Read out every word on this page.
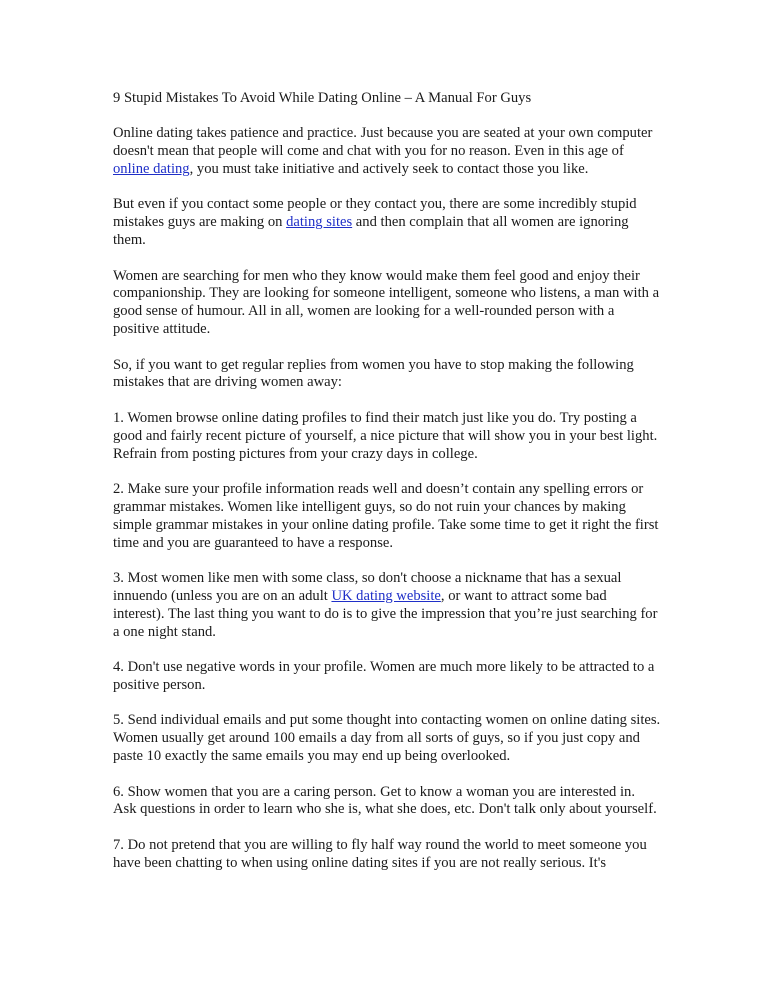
9 Stupid Mistakes To Avoid While Dating Online – A Manual For Guys

Online dating takes patience and practice. Just because you are seated at your own computer doesn't mean that people will come and chat with you for no reason. Even in this age of online dating, you must take initiative and actively seek to contact those you like.

But even if you contact some people or they contact you, there are some incredibly stupid mistakes guys are making on dating sites and then complain that all women are ignoring them.

Women are searching for men who they know would make them feel good and enjoy their companionship. They are looking for someone intelligent, someone who listens, a man with a good sense of humour. All in all, women are looking for a well-rounded person with a positive attitude.

So, if you want to get regular replies from women you have to stop making the following mistakes that are driving women away:

1. Women browse online dating profiles to find their match just like you do. Try posting a good and fairly recent picture of yourself, a nice picture that will show you in your best light. Refrain from posting pictures from your crazy days in college.

2. Make sure your profile information reads well and doesn’t contain any spelling errors or grammar mistakes. Women like intelligent guys, so do not ruin your chances by making simple grammar mistakes in your online dating profile. Take some time to get it right the first time and you are guaranteed to have a response.

3. Most women like men with some class, so don't choose a nickname that has a sexual innuendo (unless you are on an adult UK dating website, or want to attract some bad interest). The last thing you want to do is to give the impression that you’re just searching for a one night stand.

4. Don't use negative words in your profile. Women are much more likely to be attracted to a positive person.

5. Send individual emails and put some thought into contacting women on online dating sites. Women usually get around 100 emails a day from all sorts of guys, so if you just copy and paste 10 exactly the same emails you may end up being overlooked.

6. Show women that you are a caring person. Get to know a woman you are interested in. Ask questions in order to learn who she is, what she does, etc. Don't talk only about yourself.

7. Do not pretend that you are willing to fly half way round the world to meet someone you have been chatting to when using online dating sites if you are not really serious. It's
